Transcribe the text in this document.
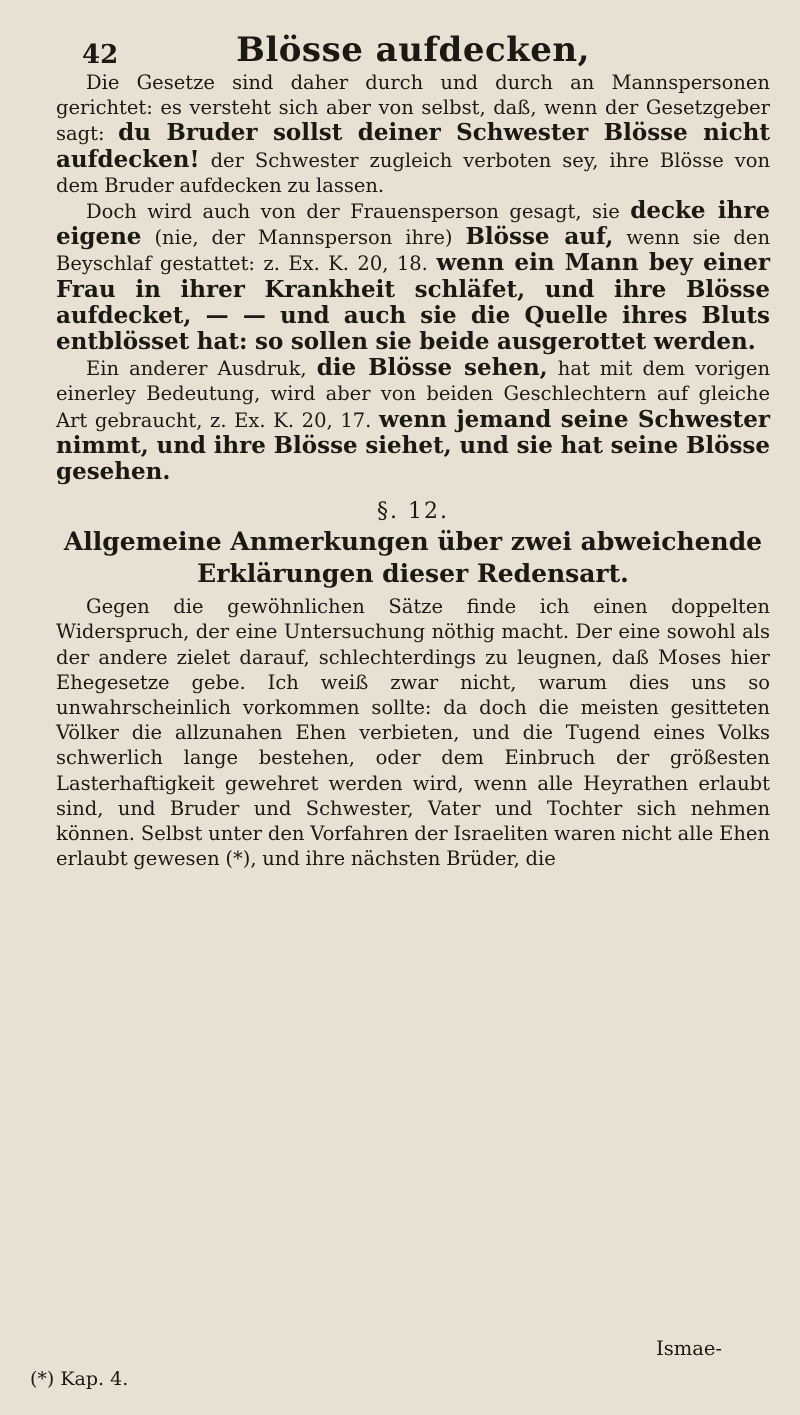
42	Blösse aufdecken,

Die Gesetze sind daher durch und durch an Mannspersonen gerichtet: es versteht sich aber von selbst, daß, wenn der Gesetzgeber sagt: du Bruder sollst deiner Schwester Blösse nicht aufdecken! der Schwester zugleich verboten sey, ihre Blösse von dem Bruder aufdecken zu lassen.

Doch wird auch von der Frauensperson gesagt, sie decke ihre eigene (nie, der Mannsperson ihre) Blösse auf, wenn sie den Beyschlaf gestattet: z. Ex. K. 20, 18. wenn ein Mann bey einer Frau in ihrer Krankheit schläfet, und ihre Blösse aufdecket, — — und auch sie die Quelle ihres Bluts entblösset hat: so sollen sie beide ausgerottet werden.

Ein anderer Ausdruk, die Blösse sehen, hat mit dem vorigen einerley Bedeutung, wird aber von beiden Geschlechtern auf gleiche Art gebraucht, z. Ex. K. 20, 17. wenn jemand seine Schwester nimmt, und ihre Blösse siehet, und sie hat seine Blösse gesehen.

§. 12.
Allgemeine Anmerkungen über zwei abweichende Erklärungen dieser Redensart.

Gegen die gewöhnlichen Sätze finde ich einen doppelten Widerspruch, der eine Untersuchung nöthig macht. Der eine sowohl als der andere zielet darauf, schlechterdings zu leugnen, daß Moses hier Ehegesetze gebe. Ich weiß zwar nicht, warum dies uns so unwahrscheinlich vorkommen sollte: da doch die meisten gesitteten Völker die allzunahen Ehen verbieten, und die Tugend eines Volks schwerlich lange bestehen, oder dem Einbruch der größesten Lasterhaftigkeit gewehret werden wird, wenn alle Heyrathen erlaubt sind, und Bruder und Schwester, Vater und Tochter sich nehmen können. Selbst unter den Vorfahren der Israeliten waren nicht alle Ehen erlaubt gewesen (*), und ihre nächsten Brüder, die

Ismae-
(*) Kap. 4.
